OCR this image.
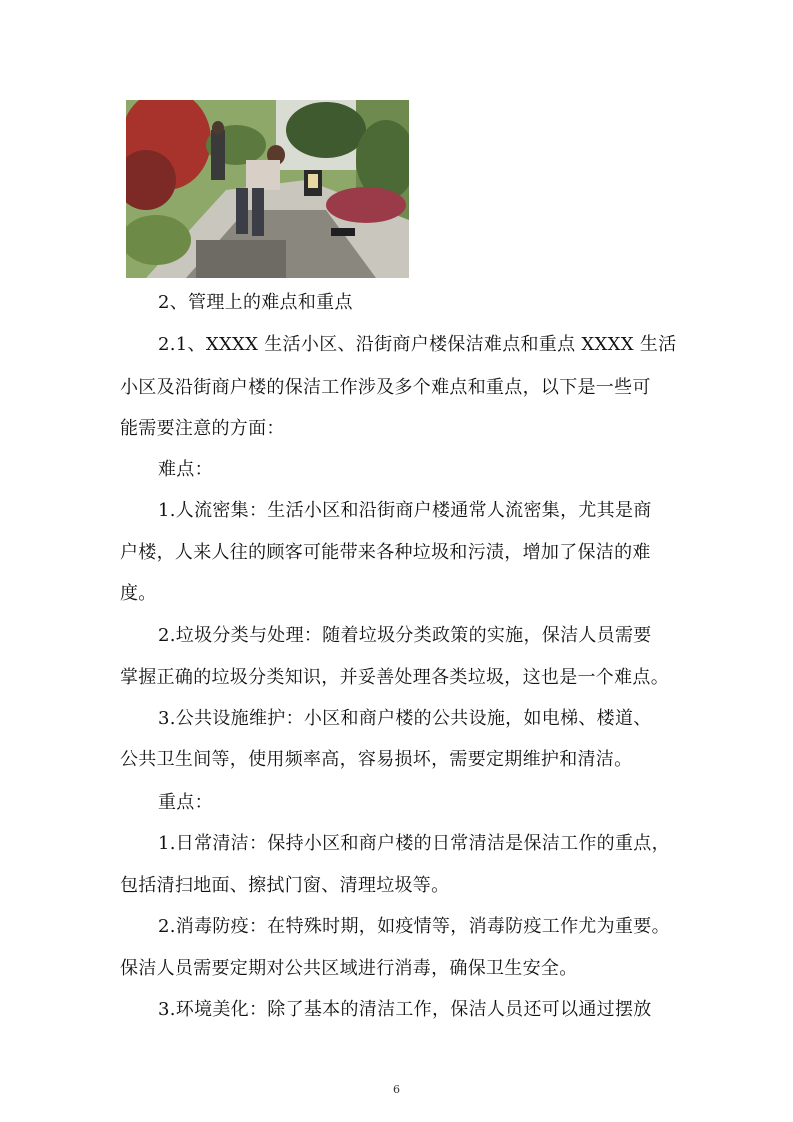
2、管理上的难点和重点
2.1、XXXX 生活小区、沿街商户楼保洁难点和重点 XXXX 生活
小区及沿街商户楼的保洁工作涉及多个难点和重点，以下是一些可
能需要注意的方面：
难点：
1.人流密集：生活小区和沿街商户楼通常人流密集，尤其是商
户楼，人来人往的顾客可能带来各种垃圾和污渍，增加了保洁的难
度。
2.垃圾分类与处理：随着垃圾分类政策的实施，保洁人员需要
掌握正确的垃圾分类知识，并妥善处理各类垃圾，这也是一个难点。
3.公共设施维护：小区和商户楼的公共设施，如电梯、楼道、
公共卫生间等，使用频率高，容易损坏，需要定期维护和清洁。
重点：
1.日常清洁：保持小区和商户楼的日常清洁是保洁工作的重点，
包括清扫地面、擦拭门窗、清理垃圾等。
2.消毒防疫：在特殊时期，如疫情等，消毒防疫工作尤为重要。
保洁人员需要定期对公共区域进行消毒，确保卫生安全。
3.环境美化：除了基本的清洁工作，保洁人员还可以通过摆放
6
